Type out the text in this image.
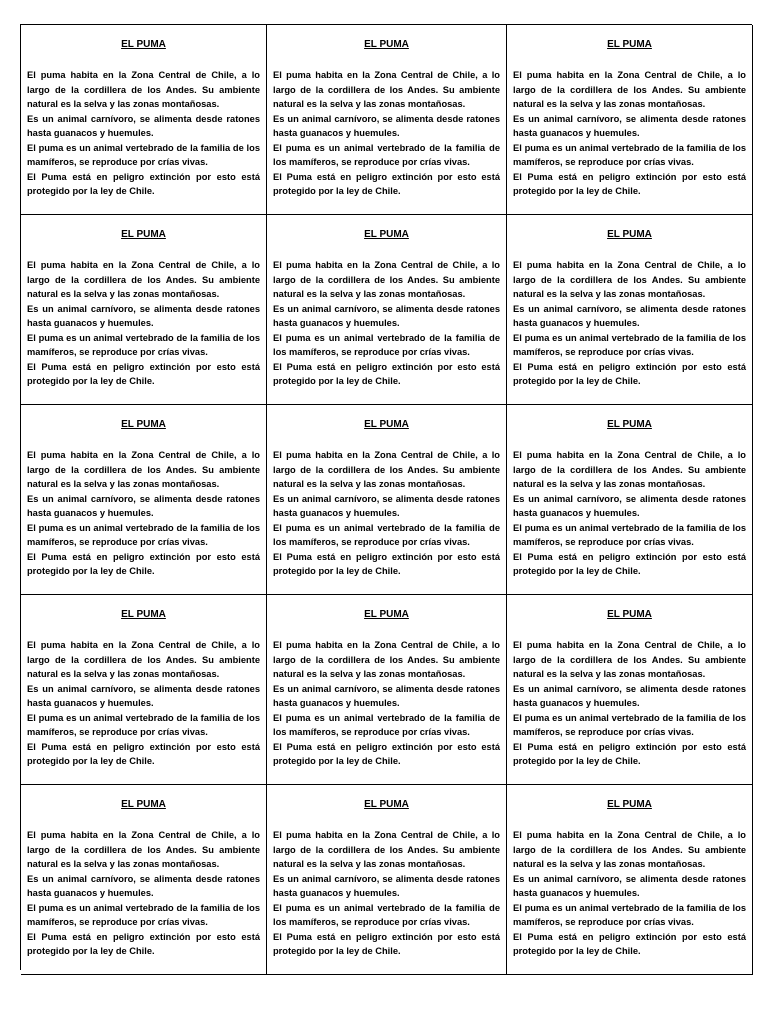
EL PUMA

El puma habita en la Zona Central de Chile, a lo largo de la cordillera de los Andes. Su ambiente natural es la selva y las zonas montañosas.

Es un animal carnívoro, se alimenta desde ratones hasta guanacos y huemules.

El puma es un animal vertebrado de la familia de los mamíferos, se reproduce por crías vivas.

El Puma está en peligro extinción por esto está protegido por la ley de Chile.

EL PUMA

El puma habita en la Zona Central de Chile, a lo largo de la cordillera de los Andes. Su ambiente natural es la selva y las zonas montañosas.

Es un animal carnívoro, se alimenta desde ratones hasta guanacos y huemules.

El puma es un animal vertebrado de la familia de los mamíferos, se reproduce por crías vivas.

El Puma está en peligro extinción por esto está protegido por la ley de Chile.

EL PUMA

El puma habita en la Zona Central de Chile, a lo largo de la cordillera de los Andes. Su ambiente natural es la selva y las zonas montañosas.

Es un animal carnívoro, se alimenta desde ratones hasta guanacos y huemules.

El puma es un animal vertebrado de la familia de los mamíferos, se reproduce por crías vivas.

El Puma está en peligro extinción por esto está protegido por la ley de Chile.

EL PUMA

El puma habita en la Zona Central de Chile, a lo largo de la cordillera de los Andes. Su ambiente natural es la selva y las zonas montañosas.

Es un animal carnívoro, se alimenta desde ratones hasta guanacos y huemules.

El puma es un animal vertebrado de la familia de los mamíferos, se reproduce por crías vivas.

El Puma está en peligro extinción por esto está protegido por la ley de Chile.

EL PUMA

El puma habita en la Zona Central de Chile, a lo largo de la cordillera de los Andes. Su ambiente natural es la selva y las zonas montañosas.

Es un animal carnívoro, se alimenta desde ratones hasta guanacos y huemules.

El puma es un animal vertebrado de la familia de los mamíferos, se reproduce por crías vivas.

El Puma está en peligro extinción por esto está protegido por la ley de Chile.

EL PUMA

El puma habita en la Zona Central de Chile, a lo largo de la cordillera de los Andes. Su ambiente natural es la selva y las zonas montañosas.

Es un animal carnívoro, se alimenta desde ratones hasta guanacos y huemules.

El puma es un animal vertebrado de la familia de los mamíferos, se reproduce por crías vivas.

El Puma está en peligro extinción por esto está protegido por la ley de Chile.

EL PUMA

El puma habita en la Zona Central de Chile, a lo largo de la cordillera de los Andes. Su ambiente natural es la selva y las zonas montañosas.

Es un animal carnívoro, se alimenta desde ratones hasta guanacos y huemules.

El puma es un animal vertebrado de la familia de los mamíferos, se reproduce por crías vivas.

El Puma está en peligro extinción por esto está protegido por la ley de Chile.

EL PUMA

El puma habita en la Zona Central de Chile, a lo largo de la cordillera de los Andes. Su ambiente natural es la selva y las zonas montañosas.

Es un animal carnívoro, se alimenta desde ratones hasta guanacos y huemules.

El puma es un animal vertebrado de la familia de los mamíferos, se reproduce por crías vivas.

El Puma está en peligro extinción por esto está protegido por la ley de Chile.

EL PUMA

El puma habita en la Zona Central de Chile, a lo largo de la cordillera de los Andes. Su ambiente natural es la selva y las zonas montañosas.

Es un animal carnívoro, se alimenta desde ratones hasta guanacos y huemules.

El puma es un animal vertebrado de la familia de los mamíferos, se reproduce por crías vivas.

El Puma está en peligro extinción por esto está protegido por la ley de Chile.

EL PUMA

El puma habita en la Zona Central de Chile, a lo largo de la cordillera de los Andes. Su ambiente natural es la selva y las zonas montañosas.

Es un animal carnívoro, se alimenta desde ratones hasta guanacos y huemules.

El puma es un animal vertebrado de la familia de los mamíferos, se reproduce por crías vivas.

El Puma está en peligro extinción por esto está protegido por la ley de Chile.

EL PUMA

El puma habita en la Zona Central de Chile, a lo largo de la cordillera de los Andes. Su ambiente natural es la selva y las zonas montañosas.

Es un animal carnívoro, se alimenta desde ratones hasta guanacos y huemules.

El puma es un animal vertebrado de la familia de los mamíferos, se reproduce por crías vivas.

El Puma está en peligro extinción por esto está protegido por la ley de Chile.

EL PUMA

El puma habita en la Zona Central de Chile, a lo largo de la cordillera de los Andes. Su ambiente natural es la selva y las zonas montañosas.

Es un animal carnívoro, se alimenta desde ratones hasta guanacos y huemules.

El puma es un animal vertebrado de la familia de los mamíferos, se reproduce por crías vivas.

El Puma está en peligro extinción por esto está protegido por la ley de Chile.

EL PUMA

El puma habita en la Zona Central de Chile, a lo largo de la cordillera de los Andes. Su ambiente natural es la selva y las zonas montañosas.

Es un animal carnívoro, se alimenta desde ratones hasta guanacos y huemules.

El puma es un animal vertebrado de la familia de los mamíferos, se reproduce por crías vivas.

El Puma está en peligro extinción por esto está protegido por la ley de Chile.

EL PUMA

El puma habita en la Zona Central de Chile, a lo largo de la cordillera de los Andes. Su ambiente natural es la selva y las zonas montañosas.

Es un animal carnívoro, se alimenta desde ratones hasta guanacos y huemules.

El puma es un animal vertebrado de la familia de los mamíferos, se reproduce por crías vivas.

El Puma está en peligro extinción por esto está protegido por la ley de Chile.

EL PUMA

El puma habita en la Zona Central de Chile, a lo largo de la cordillera de los Andes. Su ambiente natural es la selva y las zonas montañosas.

Es un animal carnívoro, se alimenta desde ratones hasta guanacos y huemules.

El puma es un animal vertebrado de la familia de los mamíferos, se reproduce por crías vivas.

El Puma está en peligro extinción por esto está protegido por la ley de Chile.
